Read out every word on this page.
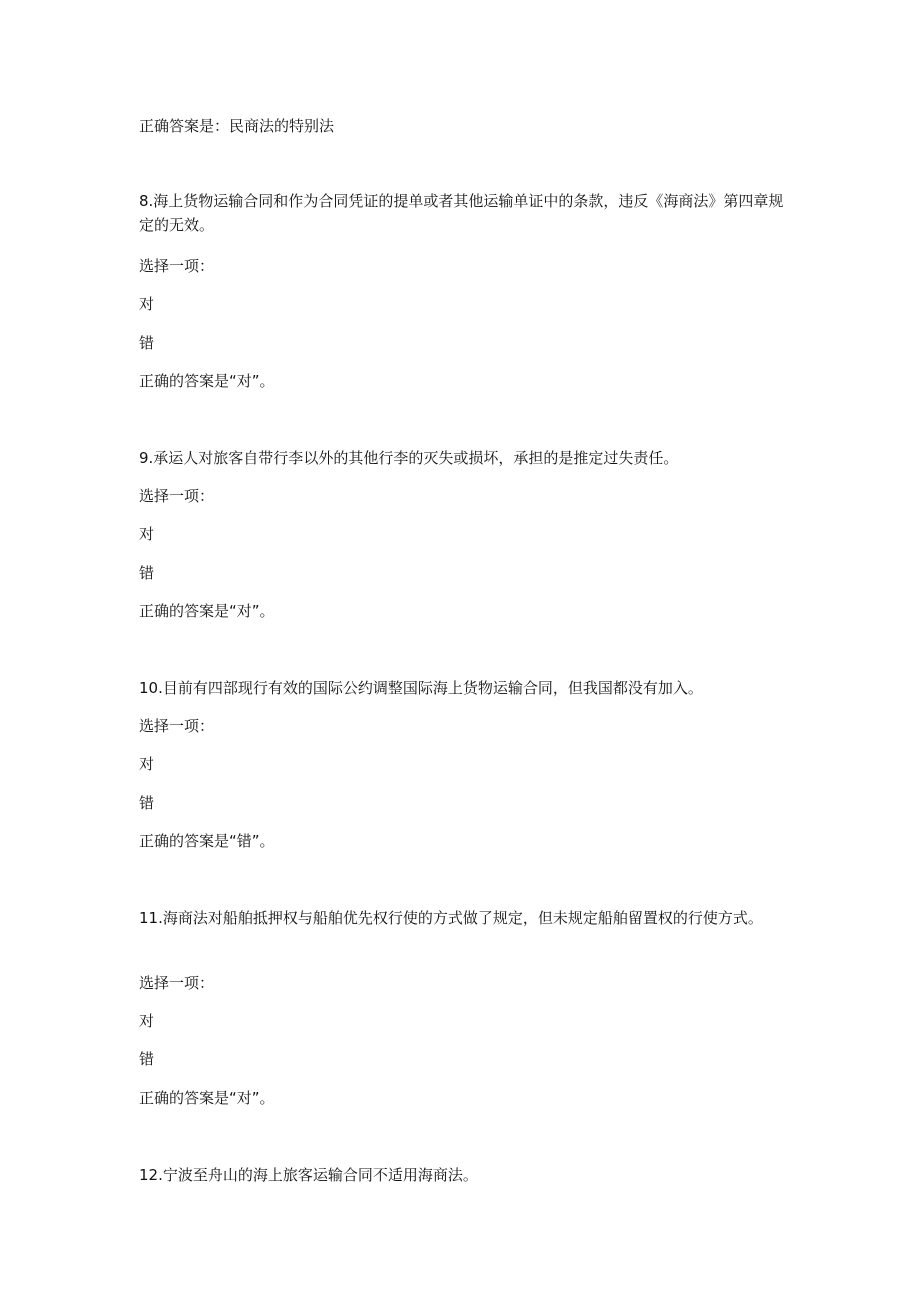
正确答案是：民商法的特别法

8.海上货物运输合同和作为合同凭证的提单或者其他运输单证中的条款，违反《海商法》第四章规定的无效。

选择一项：

对

错

正确的答案是“对”。

9.承运人对旅客自带行李以外的其他行李的灭失或损坏，承担的是推定过失责任。

选择一项：

对

错

正确的答案是“对”。

10.目前有四部现行有效的国际公约调整国际海上货物运输合同，但我国都没有加入。

选择一项：

对

错

正确的答案是“错”。

11.海商法对船舶抵押权与船舶优先权行使的方式做了规定，但未规定船舶留置权的行使方式。

选择一项：

对

错

正确的答案是“对”。

12.宁波至舟山的海上旅客运输合同不适用海商法。
